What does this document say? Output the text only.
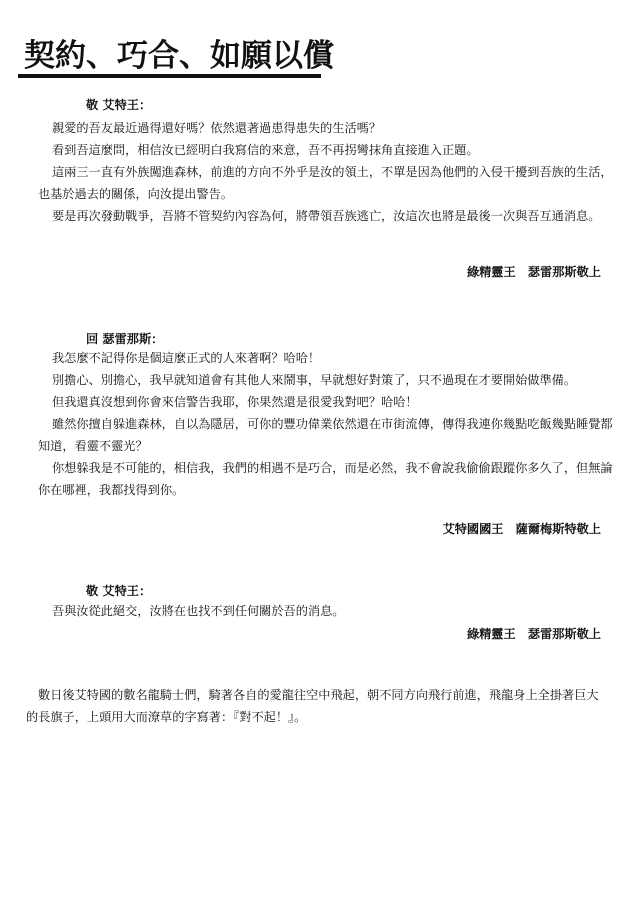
契約、巧合、如願以償
敬 艾特王：

親愛的吾友最近過得還好嗎？依然還著過患得患失的生活嗎？

看到吾這麼問，相信汝已經明白我寫信的來意，吾不再拐彎抹角直接進入正題。

這兩三一直有外族闖進森林，前進的方向不外乎是汝的領土，不單是因為他們的入侵干擾到吾族的生活，

也基於過去的關係，向汝提出警告。

要是再次發動戰爭，吾將不管契約內容為何，將帶領吾族逃亡，汝這次也將是最後一次與吾互通消息。

綠精靈王　瑟雷那斯敬上
回 瑟雷那斯：

我怎麼不記得你是個這麼正式的人來著啊？哈哈！

別擔心、別擔心，我早就知道會有其他人來鬧事，早就想好對策了，只不過現在才要開始做準備。

但我還真沒想到你會來信警告我耶，你果然還是很愛我對吧？哈哈！

雖然你擅自躲進森林，自以為隱居，可你的豐功偉業依然還在市街流傳，傳得我連你幾點吃飯幾點睡覺都

知道，看靈不靈光？

你想躲我是不可能的，相信我，我們的相遇不是巧合，而是必然，我不會說我偷偷跟蹤你多久了，但無論

你在哪裡，我都找得到你。

艾特國國王　薩爾梅斯特敬上
敬 艾特王：

吾與汝從此絕交，汝將在也找不到任何關於吾的消息。

綠精靈王　瑟雷那斯敬上

數日後艾特國的數名龍騎士們，騎著各自的愛龍往空中飛起，朝不同方向飛行前進，飛龍身上全掛著巨大

的長旗子，上頭用大而潦草的字寫著：『對不起！』。
